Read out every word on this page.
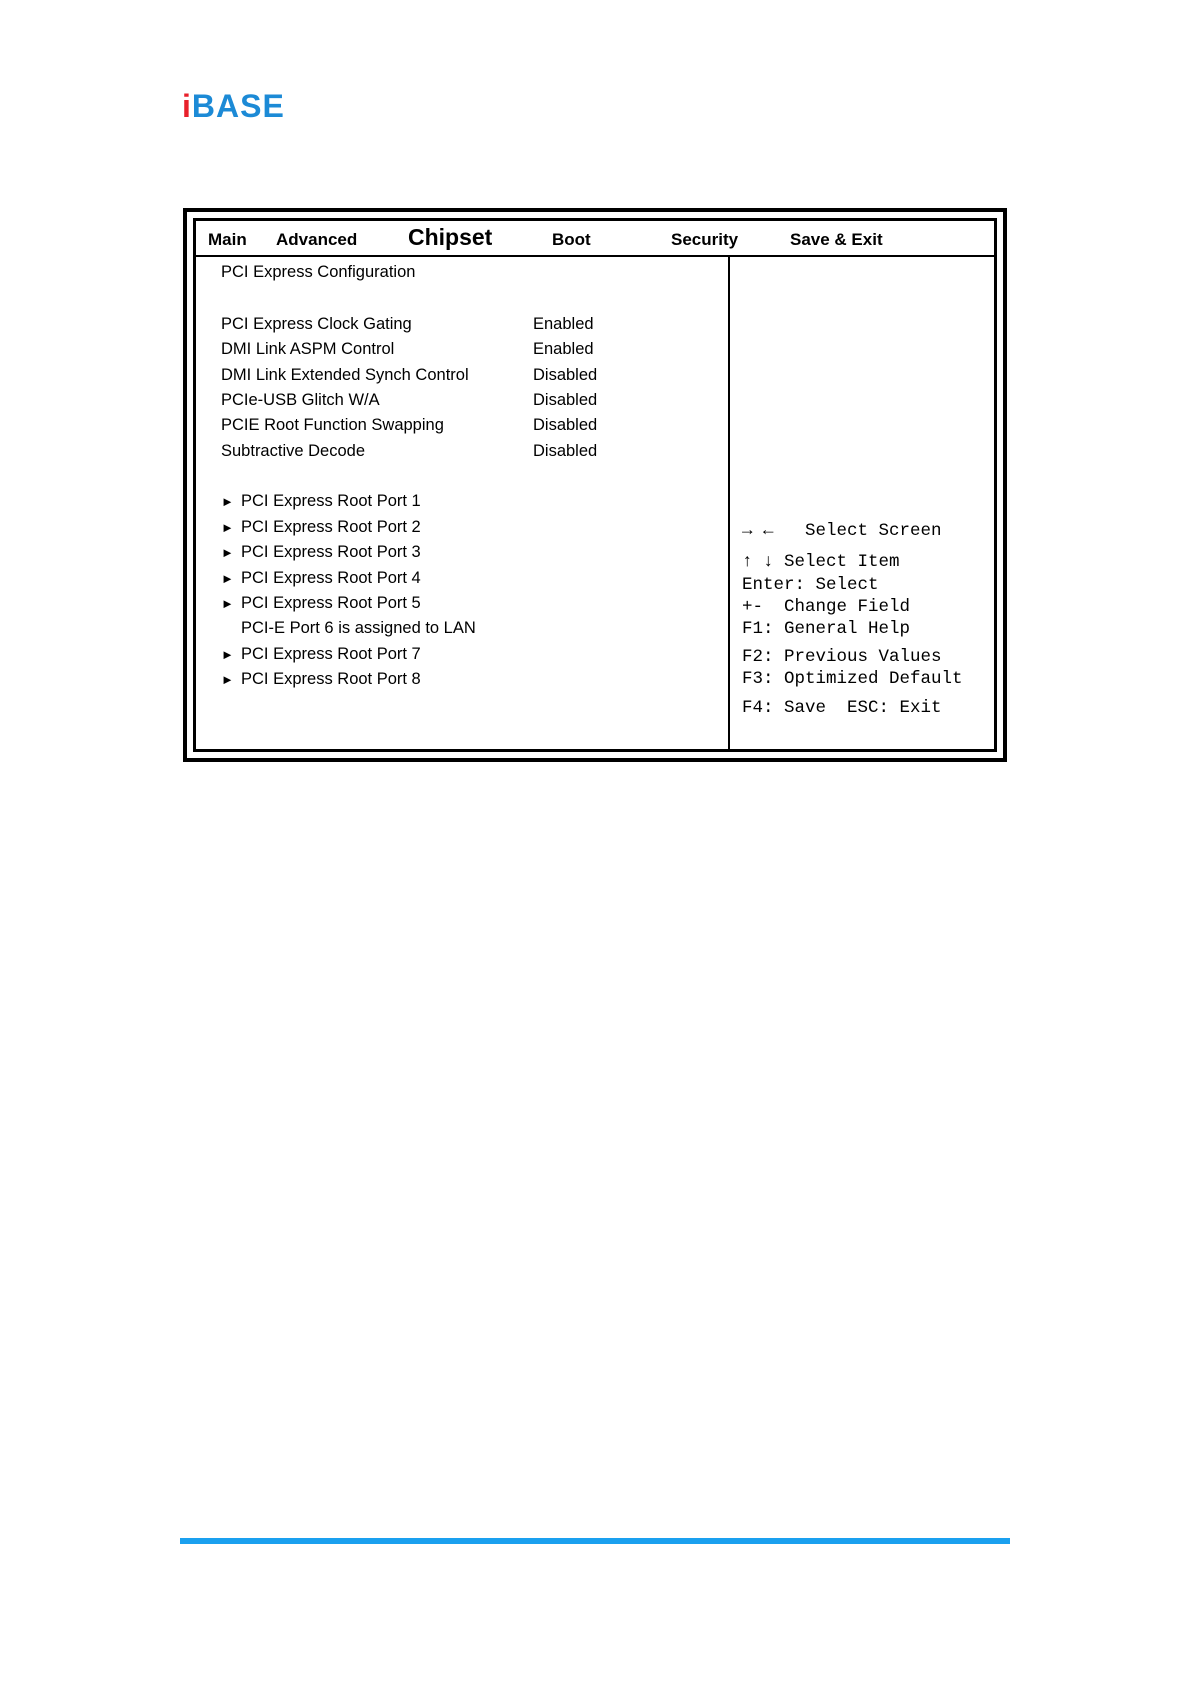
iBASE
Main Advanced Chipset	Boot	Security	Save & Exit
PCI Express Configuration
PCI Express Clock Gating	Enabled
DMI Link ASPM Control	Enabled
DMI Link Extended Synch Control	Disabled
PCIe-USB Glitch W/A	Disabled
PCIE Root Function Swapping	Disabled
Subtractive Decode	Disabled
► PCI Express Root Port 1
► PCI Express Root Port 2
► PCI Express Root Port 3
► PCI Express Root Port 4
► PCI Express Root Port 5
PCI-E Port 6 is assigned to LAN
► PCI Express Root Port 7
► PCI Express Root Port 8
→ ←   Select Screen
↑ ↓ Select Item
Enter: Select
+-  Change Field
F1: General Help
F2: Previous Values
F3: Optimized Default
F4: Save  ESC: Exit
